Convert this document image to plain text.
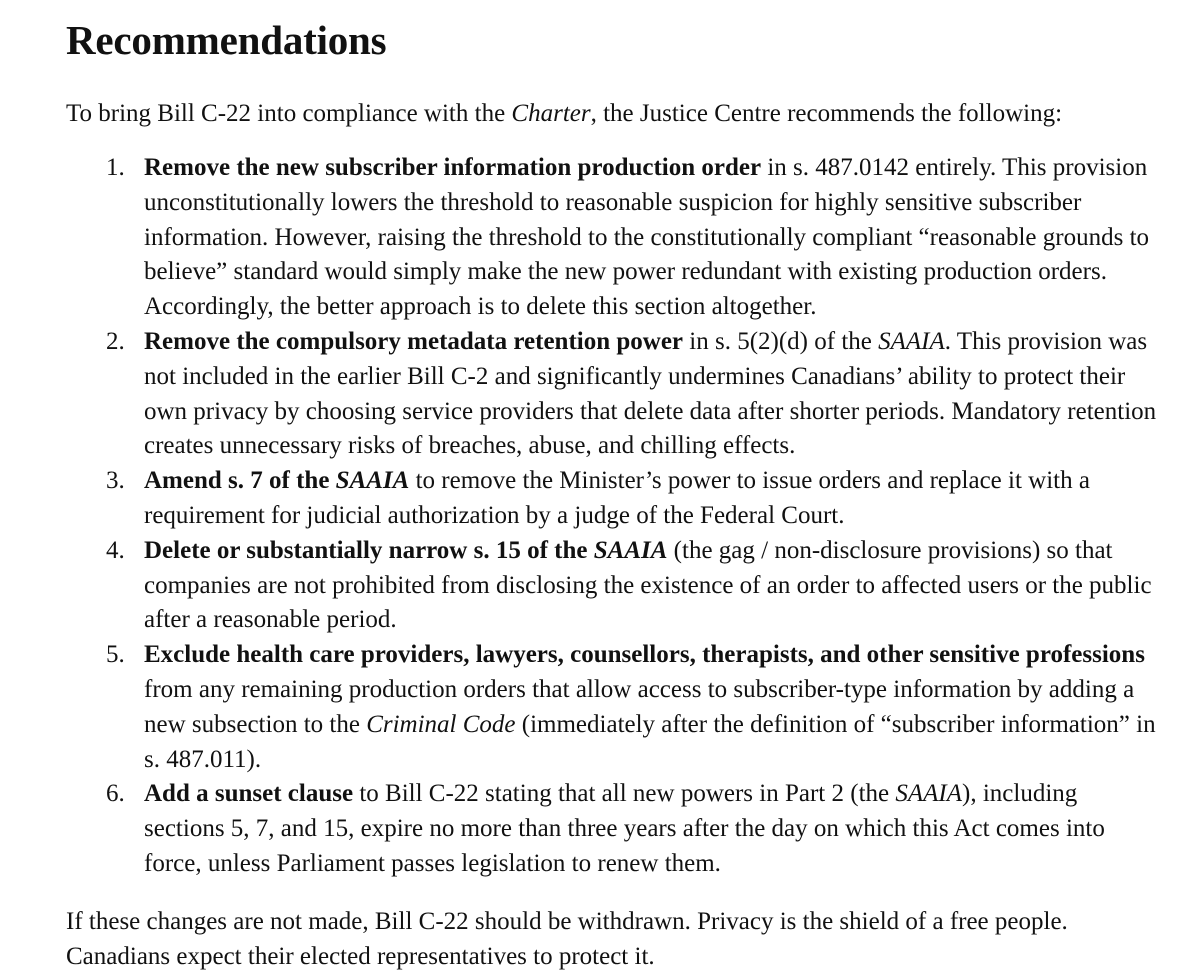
Recommendations

To bring Bill C-22 into compliance with the Charter, the Justice Centre recommends the following:

1. Remove the new subscriber information production order in s. 487.0142 entirely. This provision unconstitutionally lowers the threshold to reasonable suspicion for highly sensitive subscriber information. However, raising the threshold to the constitutionally compliant “reasonable grounds to believe” standard would simply make the new power redundant with existing production orders. Accordingly, the better approach is to delete this section altogether.
2. Remove the compulsory metadata retention power in s. 5(2)(d) of the SAAIA. This provision was not included in the earlier Bill C-2 and significantly undermines Canadians’ ability to protect their own privacy by choosing service providers that delete data after shorter periods. Mandatory retention creates unnecessary risks of breaches, abuse, and chilling effects.
3. Amend s. 7 of the SAAIA to remove the Minister’s power to issue orders and replace it with a requirement for judicial authorization by a judge of the Federal Court.
4. Delete or substantially narrow s. 15 of the SAAIA (the gag / non-disclosure provisions) so that companies are not prohibited from disclosing the existence of an order to affected users or the public after a reasonable period.
5. Exclude health care providers, lawyers, counsellors, therapists, and other sensitive professions from any remaining production orders that allow access to subscriber-type information by adding a new subsection to the Criminal Code (immediately after the definition of “subscriber information” in s. 487.011).
6. Add a sunset clause to Bill C-22 stating that all new powers in Part 2 (the SAAIA), including sections 5, 7, and 15, expire no more than three years after the day on which this Act comes into force, unless Parliament passes legislation to renew them.

If these changes are not made, Bill C-22 should be withdrawn. Privacy is the shield of a free people. Canadians expect their elected representatives to protect it.
